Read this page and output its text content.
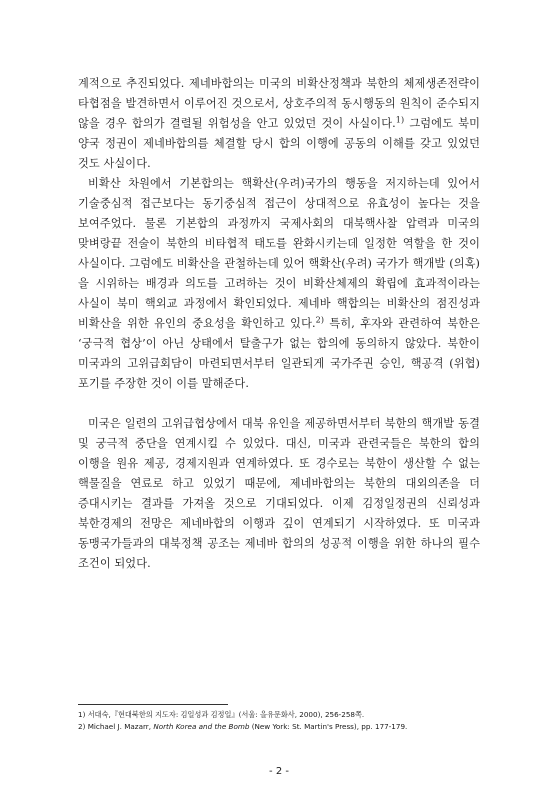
계적으로 추진되었다. 제네바합의는 미국의 비확산정책과 북한의 체제생존전략이 타협점을 발견하면서 이루어진 것으로서, 상호주의적 동시행동의 원칙이 준수되지 않을 경우 합의가 결렬될 위험성을 안고 있었던 것이 사실이다.$^{1)}$ 그럼에도 북미 양국 정권이 제네바합의를 체결할 당시 합의 이행에 공동의 이해를 갖고 있었던 것도 사실이다.

비확산 차원에서 기본합의는 핵확산(우려)국가의 행동을 저지하는데 있어서 기술중심적 접근보다는 동기중심적 접근이 상대적으로 유효성이 높다는 것을 보여주었다. 물론 기본합의 과정까지 국제사회의 대북핵사찰 압력과 미국의 맞벼랑끝 전술이 북한의 비타협적 태도를 완화시키는데 일정한 역할을 한 것이 사실이다. 그럼에도 비확산을 관철하는데 있어 핵확산(우려) 국가가 핵개발 (의혹)을 시위하는 배경과 의도를 고려하는 것이 비확산체제의 확립에 효과적이라는 사실이 북미 핵외교 과정에서 확인되었다. 제네바 핵합의는 비확산의 점진성과 비확산을 위한 유인의 중요성을 확인하고 있다.$^{2)}$ 특히, 후자와 관련하여 북한은 ‘궁극적 협상’이 아닌 상태에서 탈출구가 없는 합의에 동의하지 않았다. 북한이 미국과의 고위급회담이 마련되면서부터 일관되게 국가주권 승인, 핵공격 (위협) 포기를 주장한 것이 이를 말해준다.

미국은 일련의 고위급협상에서 대북 유인을 제공하면서부터 북한의 핵개발 동결 및 궁극적 중단을 연계시킬 수 있었다. 대신, 미국과 관련국들은 북한의 합의 이행을 원유 제공, 경제지원과 연계하였다. 또 경수로는 북한이 생산할 수 없는 핵물질을 연료로 하고 있었기 때문에, 제네바합의는 북한의 대외의존을 더 증대시키는 결과를 가져올 것으로 기대되었다. 이제 김정일정권의 신뢰성과 북한경제의 전망은 제네바합의 이행과 깊이 연계되기 시작하였다. 또 미국과 동맹국가들과의 대북정책 공조는 제네바 합의의 성공적 이행을 위한 하나의 필수 조건이 되었다.

1) 서대숙,『현대북한의 지도자: 김일성과 김정일』(서울: 을유문화사, 2000), 256-258쪽.

2) Michael J. Mazarr, North Korea and the Bomb (New York: St. Martin's Press), pp. 177-179.

- 2 -
